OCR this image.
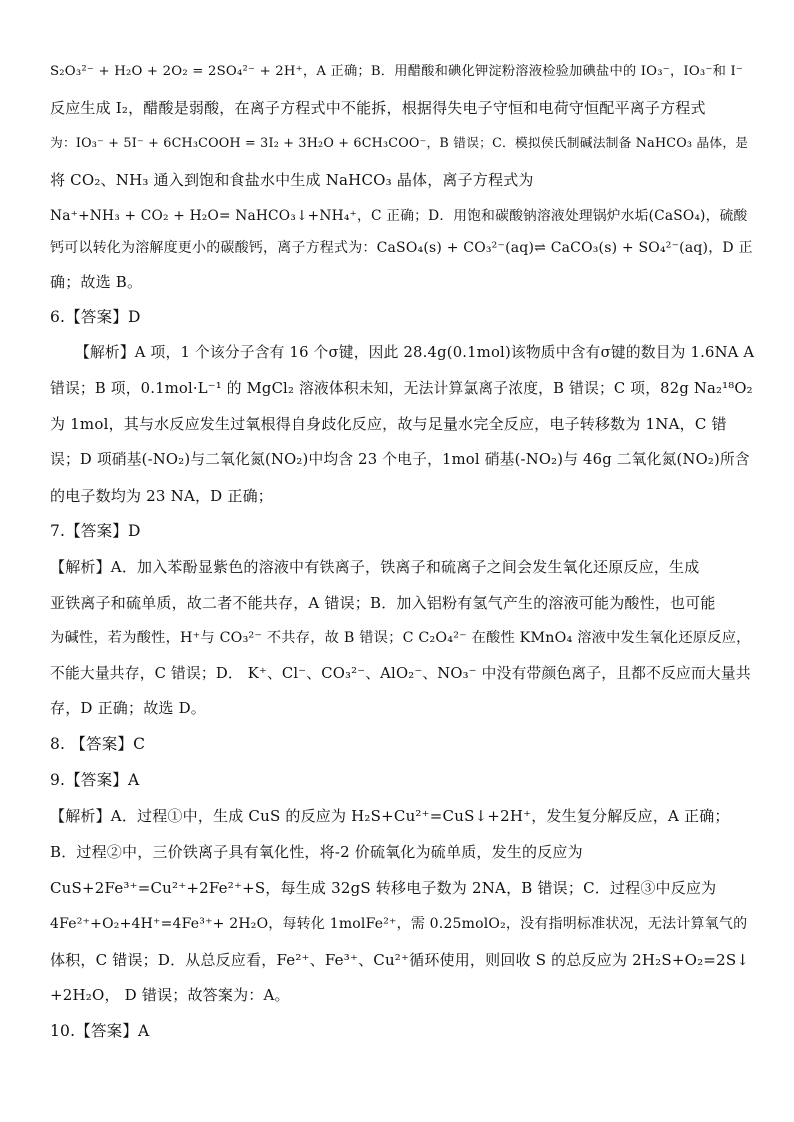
S₂O₃²⁻ + H₂O + 2O₂ = 2SO₄²⁻ + 2H⁺，A 正确；B．用醋酸和碘化钾淀粉溶液检验加碘盐中的 IO₃⁻，IO₃⁻和 I⁻
反应生成 I₂，醋酸是弱酸，在离子方程式中不能拆，根据得失电子守恒和电荷守恒配平离子方程式
为：IO₃⁻ + 5I⁻ + 6CH₃COOH = 3I₂ + 3H₂O + 6CH₃COO⁻，B 错误；C．模拟侯氏制碱法制备 NaHCO₃ 晶体，是
将 CO₂、NH₃ 通入到饱和食盐水中生成 NaHCO₃ 晶体，离子方程式为
Na⁺+NH₃ + CO₂ + H₂O= NaHCO₃↓+NH₄⁺，C 正确；D．用饱和碳酸钠溶液处理锅炉水垢(CaSO₄)，硫酸
钙可以转化为溶解度更小的碳酸钙，离子方程式为：CaSO₄(s) + CO₃²⁻(aq)⇌ CaCO₃(s) + SO₄²⁻(aq)，D 正
确；故选 B。
6.【答案】D
【解析】A 项，1 个该分子含有 16 个σ键，因此 28.4g(0.1mol)该物质中含有σ键的数目为 1.6NA A
错误；B 项，0.1mol·L⁻¹ 的 MgCl₂ 溶液体积未知，无法计算氯离子浓度，B 错误；C 项，82g Na₂¹⁸O₂
为 1mol，其与水反应发生过氧根得自身歧化反应，故与足量水完全反应，电子转移数为 1NA，C 错
误；D 项硝基(-NO₂)与二氧化氮(NO₂)中均含 23 个电子，1mol 硝基(-NO₂)与 46g 二氧化氮(NO₂)所含
的电子数均为 23 NA，D 正确；
7.【答案】D
【解析】A．加入苯酚显紫色的溶液中有铁离子，铁离子和硫离子之间会发生氧化还原反应，生成
亚铁离子和硫单质，故二者不能共存，A 错误；B．加入铝粉有氢气产生的溶液可能为酸性，也可能
为碱性，若为酸性，H⁺与 CO₃²⁻ 不共存，故 B 错误；C C₂O₄²⁻ 在酸性 KMnO₄ 溶液中发生氧化还原反应，
不能大量共存，C 错误；D． K⁺、Cl⁻、CO₃²⁻、AlO₂⁻、NO₃⁻ 中没有带颜色离子，且都不反应而大量共
存，D 正确；故选 D。
8. 【答案】C
9.【答案】A
【解析】A．过程①中，生成 CuS 的反应为 H₂S+Cu²⁺=CuS↓+2H⁺，发生复分解反应，A 正确；
B．过程②中，三价铁离子具有氧化性，将-2 价硫氧化为硫单质，发生的反应为
CuS+2Fe³⁺=Cu²⁺+2Fe²⁺+S，每生成 32gS 转移电子数为 2NA，B 错误；C．过程③中反应为
4Fe²⁺+O₂+4H⁺=4Fe³⁺+ 2H₂O，每转化 1molFe²⁺，需 0.25molO₂，没有指明标准状况，无法计算氧气的
体积，C 错误；D．从总反应看，Fe²⁺、Fe³⁺、Cu²⁺循环使用，则回收 S 的总反应为 2H₂S+O₂=2S↓
+2H₂O， D 错误；故答案为：A。
10.【答案】A
